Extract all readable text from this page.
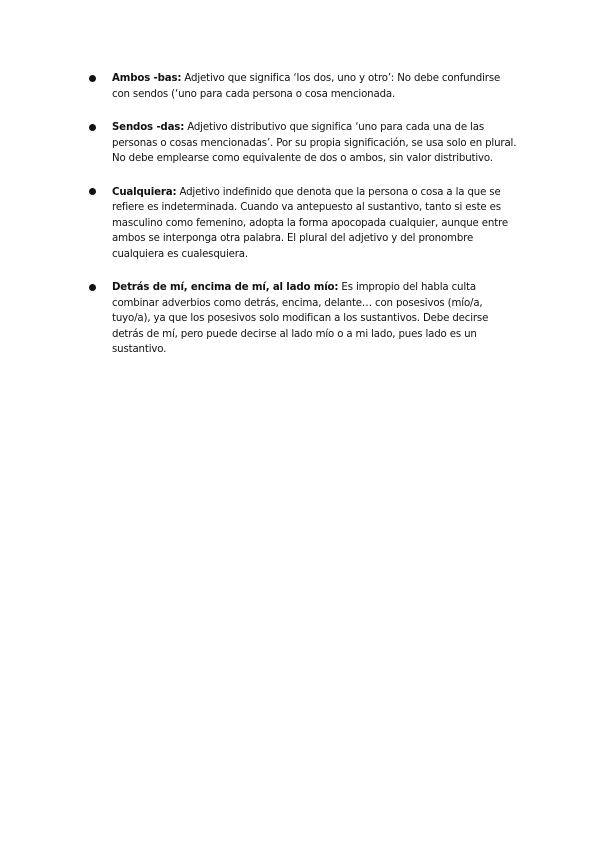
Ambos -bas: Adjetivo que significa ‘los dos, uno y otro’: No debe confundirse con sendos (‘uno para cada persona o cosa mencionada.
Sendos -das: Adjetivo distributivo que significa ‘uno para cada una de las personas o cosas mencionadas’. Por su propia significación, se usa solo en plural. No debe emplearse como equivalente de dos o ambos, sin valor distributivo.
Cualquiera: Adjetivo indefinido que denota que la persona o cosa a la que se refiere es indeterminada. Cuando va antepuesto al sustantivo, tanto si este es masculino como femenino, adopta la forma apocopada cualquier, aunque entre ambos se interponga otra palabra. El plural del adjetivo y del pronombre cualquiera es cualesquiera.
Detrás de mí, encima de mí, al lado mío: Es impropio del habla culta combinar adverbios como detrás, encima, delante… con posesivos (mío/a, tuyo/a), ya que los posesivos solo modifican a los sustantivos. Debe decirse detrás de mí, pero puede decirse al lado mío o a mi lado, pues lado es un sustantivo.
